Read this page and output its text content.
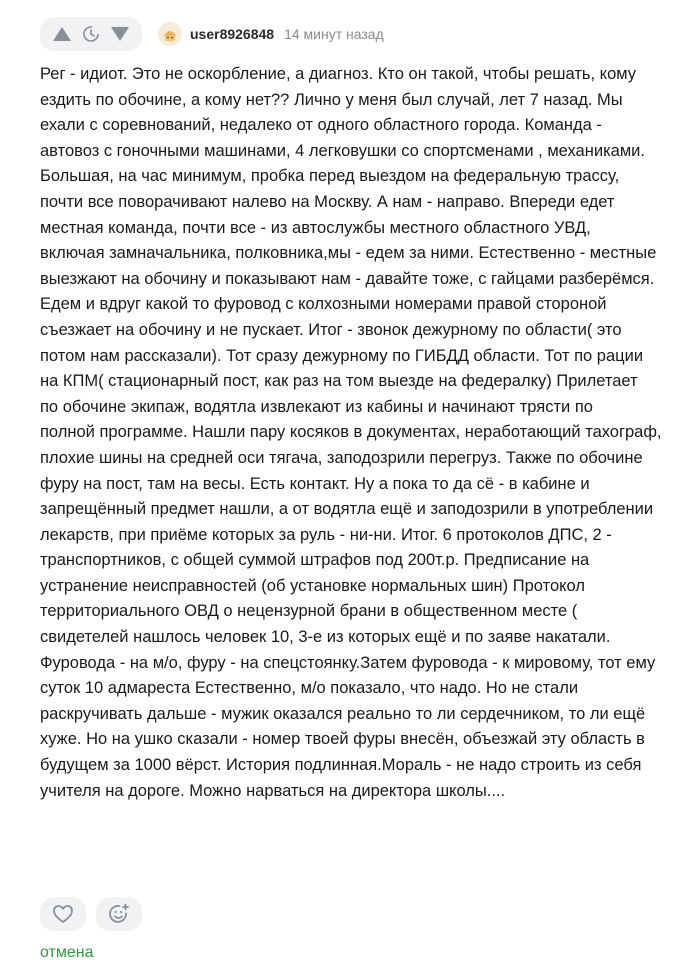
user8926848 14 минут назад
Рег - идиот. Это не оскорбление, а диагноз. Кто он такой, чтобы решать, кому
ездить по обочине, а кому нет?? Лично у меня был случай, лет 7 назад. Мы
ехали с соревнований, недалеко от одного областного города. Команда -
автовоз с гоночными машинами, 4 легковушки со спортсменами , механиками.
Большая, на час минимум, пробка перед выездом на федеральную трассу,
почти все поворачивают налево на Москву. А нам - направо. Впереди едет
местная команда, почти все - из автослужбы местного областного УВД,
включая замначальника, полковника,мы - едем за ними. Естественно - местные
выезжают на обочину и показывают нам - давайте тоже, с гайцами разберёмся.
Едем и вдруг какой то фуровод с колхозными номерами правой стороной
съезжает на обочину и не пускает. Итог - звонок дежурному по области( это
потом нам рассказали). Тот сразу дежурному по ГИБДД области. Тот по рации
на КПМ( стационарный пост, как раз на том выезде на федералку) Прилетает
по обочине экипаж, водятла извлекают из кабины и начинают трясти по
полной программе. Нашли пару косяков в документах, неработающий тахограф,
плохие шины на средней оси тягача, заподозрили перегруз. Также по обочине
фуру на пост, там на весы. Есть контакт. Ну а пока то да сё - в кабине и
запрещённый предмет нашли, а от водятла ещё и заподозрили в употреблении
лекарств, при приёме которых за руль - ни-ни. Итог. 6 протоколов ДПС, 2 -
транспортников, с общей суммой штрафов под 200т.р. Предписание на
устранение неисправностей (об установке нормальных шин) Протокол
территориального ОВД о нецензурной брани в общественном месте (
свидетелей нашлось человек 10, 3-е из которых ещё и по заяве накатали.
Фуровода - на м/о, фуру - на спецстоянку.Затем фуровода - к мировому, тот ему
суток 10 адмареста Естественно, м/о показало, что надо. Но не стали
раскручивать дальше - мужик оказался реально то ли сердечником, то ли ещё
хуже. Но на ушко сказали - номер твоей фуры внесён, объезжай эту область в
будущем за 1000 вёрст. История подлинная.Мораль - не надо строить из себя
учителя на дороге. Можно нарваться на директора школы....
отмена
